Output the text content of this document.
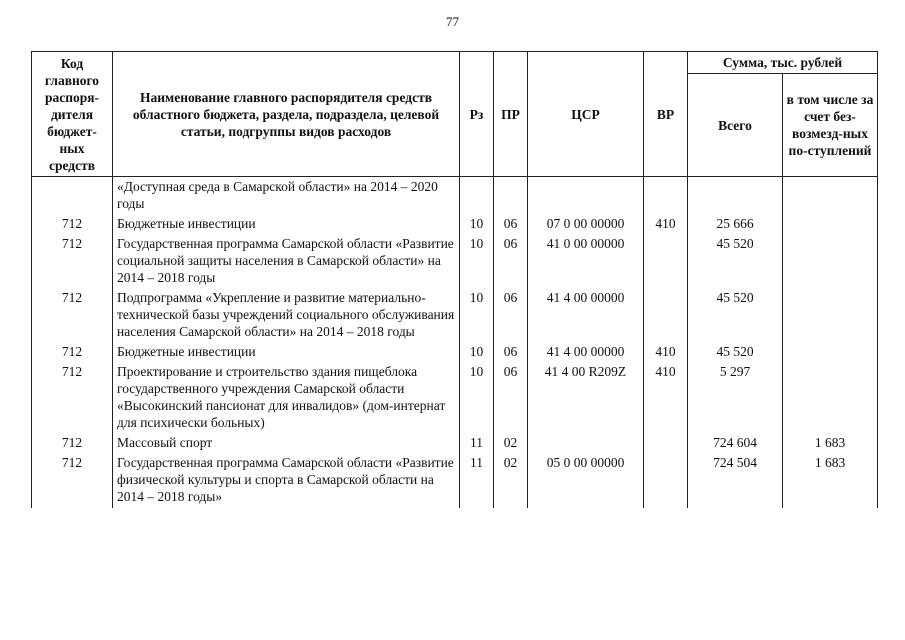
77
Код главного распоря-дителя бюджет-ных средств	Наименование главного распорядителя средств областного бюджета, раздела, подраздела, целевой статьи, подгруппы видов расходов	Рз	ПР	ЦСР	ВР	Сумма, тыс. рублей	
						Всего	в том числе за счет без-возмезд-ных по-ступлений
	«Доступная среда в Самарской области» на 2014 – 2020 годы						
712	Бюджетные инвестиции	10	06	07 0 00 00000	410	25 666	
712	Государственная программа Самарской области «Развитие социальной защиты населения в Самарской области» на 2014 – 2018 годы	10	06	41 0 00 00000		45 520	
712	Подпрограмма «Укрепление и развитие материально-технической базы учреждений социального обслуживания населения Самарской области» на 2014 – 2018 годы	10	06	41 4 00 00000		45 520	
712	Бюджетные инвестиции	10	06	41 4 00 00000	410	45 520	
712	Проектирование и строительство здания пищеблока государственного учреждения Самарской области «Высокинский пансионат для инвалидов» (дом-интернат для психически больных)	10	06	41 4 00 R209Z	410	5 297	
712	Массовый спорт	11	02			724 604	1 683
712	Государственная программа Самарской области «Развитие физической культуры и спорта в Самарской области на 2014 – 2018 годы»	11	02	05 0 00 00000		724 504	1 683
